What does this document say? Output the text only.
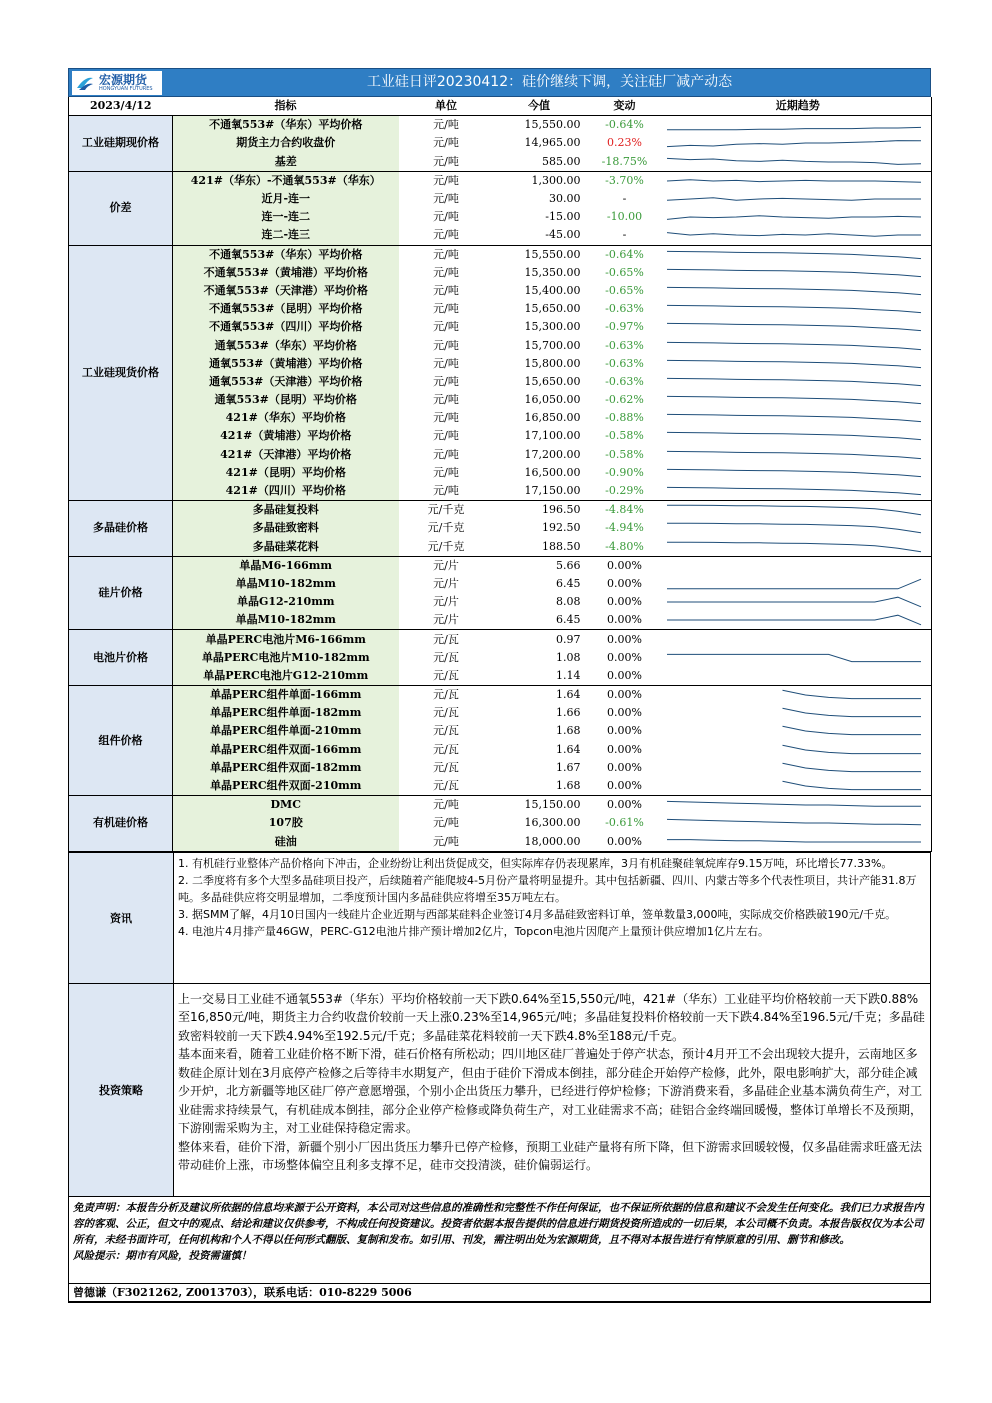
宏源期货
HONGYUAN FUTURES	工业硅日评20230412：硅价继续下调，关注硅厂减产动态
2023/4/12	指标	单位	今值	变动	近期趋势
工业硅期现价格	不通氧553#（华东）平均价格	元/吨	15,550.00	-0.64%	

	期货主力合约收盘价	元/吨	14,965.00	0.23%	

	基差	元/吨	585.00	-18.75%	

价差	421#（华东）-不通氧553#（华东）	元/吨	1,300.00	-3.70%	

	近月-连一	元/吨	30.00	-	

	连一-连二	元/吨	-15.00	-10.00	

	连二-连三	元/吨	-45.00	-	

工业硅现货价格	不通氧553#（华东）平均价格	元/吨	15,550.00	-0.64%	

	不通氧553#（黄埔港）平均价格	元/吨	15,350.00	-0.65%	

	不通氧553#（天津港）平均价格	元/吨	15,400.00	-0.65%	

	不通氧553#（昆明）平均价格	元/吨	15,650.00	-0.63%	

	不通氧553#（四川）平均价格	元/吨	15,300.00	-0.97%	

	通氧553#（华东）平均价格	元/吨	15,700.00	-0.63%	

	通氧553#（黄埔港）平均价格	元/吨	15,800.00	-0.63%	

	通氧553#（天津港）平均价格	元/吨	15,650.00	-0.63%	

	通氧553#（昆明）平均价格	元/吨	16,050.00	-0.62%	

	421#（华东）平均价格	元/吨	16,850.00	-0.88%	

	421#（黄埔港）平均价格	元/吨	17,100.00	-0.58%	

	421#（天津港）平均价格	元/吨	17,200.00	-0.58%	

	421#（昆明）平均价格	元/吨	16,500.00	-0.90%	

	421#（四川）平均价格	元/吨	17,150.00	-0.29%	

多晶硅价格	多晶硅复投料	元/千克	196.50	-4.84%	

	多晶硅致密料	元/千克	192.50	-4.94%	

	多晶硅菜花料	元/千克	188.50	-4.80%	

硅片价格	单晶M6-166mm	元/片	5.66	0.00%	

	单晶M10-182mm	元/片	6.45	0.00%	

	单晶G12-210mm	元/片	8.08	0.00%	

	单晶M10-182mm	元/片	6.45	0.00%	

电池片价格	单晶PERC电池片M6-166mm	元/瓦	0.97	0.00%	

	单晶PERC电池片M10-182mm	元/瓦	1.08	0.00%	

	单晶PERC电池片G12-210mm	元/瓦	1.14	0.00%	

组件价格	单晶PERC组件单面-166mm	元/瓦	1.64	0.00%	

	单晶PERC组件单面-182mm	元/瓦	1.66	0.00%	

	单晶PERC组件单面-210mm	元/瓦	1.68	0.00%	

	单晶PERC组件双面-166mm	元/瓦	1.64	0.00%	

	单晶PERC组件双面-182mm	元/瓦	1.67	0.00%	

	单晶PERC组件双面-210mm	元/瓦	1.68	0.00%	

有机硅价格	DMC	元/吨	15,150.00	0.00%	

	107胶	元/吨	16,300.00	-0.61%	

	硅油	元/吨	18,000.00	0.00%	
资讯

1. 有机硅行业整体产品价格向下冲击，企业纷纷让利出货促成交，但实际库存仍表现累库，3月有机硅聚硅氧烷库存9.15万吨，环比增长77.33%。

2. 二季度将有多个大型多晶硅项目投产，后续随着产能爬坡4-5月份产量将明显提升。其中包括新疆、四川、内蒙古等多个代表性项目，共计产能31.8万吨。多晶硅供应将交明显增加，二季度预计国内多晶硅供应将增至35万吨左右。

3. 据SMM了解，4月10日国内一线硅片企业近期与西部某硅料企业签订4月多晶硅致密料订单，签单数量3,000吨，实际成交价格跌破190元/千克。

4. 电池片4月排产量46GW，PERC-G12电池片排产预计增加2亿片，Topcon电池片因爬产上量预计供应增加1亿片左右。

投资策略

上一交易日工业硅不通氧553#（华东）平均价格较前一天下跌0.64%至15,550元/吨，421#（华东）工业硅平均价格较前一天下跌0.88%至16,850元/吨，期货主力合约收盘价较前一天上涨0.23%至14,965元/吨；多晶硅复投料价格较前一天下跌4.84%至196.5元/千克；多晶硅致密料较前一天下跌4.94%至192.5元/千克；多晶硅菜花料较前一天下跌4.8%至188元/千克。

基本面来看，随着工业硅价格不断下滑，硅石价格有所松动；四川地区硅厂普遍处于停产状态，预计4月开工不会出现较大提升，云南地区多数硅企原计划在3月底停产检修之后等待丰水期复产，但由于硅价下滑成本倒挂，部分硅企开始停产检修，此外，限电影响扩大，部分硅企减少开炉，北方新疆等地区硅厂停产意愿增强，个别小企出货压力攀升，已经进行停炉检修；下游消费来看，多晶硅企业基本满负荷生产，对工业硅需求持续景气，有机硅成本倒挂，部分企业停产检修或降负荷生产，对工业硅需求不高；硅铝合金终端回暖慢，整体订单增长不及预期，下游刚需采购为主，对工业硅保持稳定需求。

整体来看，硅价下滑，新疆个别小厂因出货压力攀升已停产检修，预期工业硅产量将有所下降，但下游需求回暖较慢，仅多晶硅需求旺盛无法带动硅价上涨，市场整体偏空且利多支撑不足，硅市交投清淡，硅价偏弱运行。

免责声明：本报告分析及建议所依据的信息均来源于公开资料，本公司对这些信息的准确性和完整性不作任何保证，也不保证所依据的信息和建议不会发生任何变化。我们已力求报告内容的客观、公正，但文中的观点、结论和建议仅供参考，不构成任何投资建议。投资者依据本报告提供的信息进行期货投资所造成的一切后果，本公司概不负责。本报告版权仅为本公司所有，未经书面许可，任何机构和个人不得以任何形式翻版、复制和发布。如引用、刊发，需注明出处为宏源期货，且不得对本报告进行有悖原意的引用、删节和修改。

风险提示：期市有风险，投资需谨慎！

曾德谦（F3021262, Z0013703），联系电话：010-8229 5006
